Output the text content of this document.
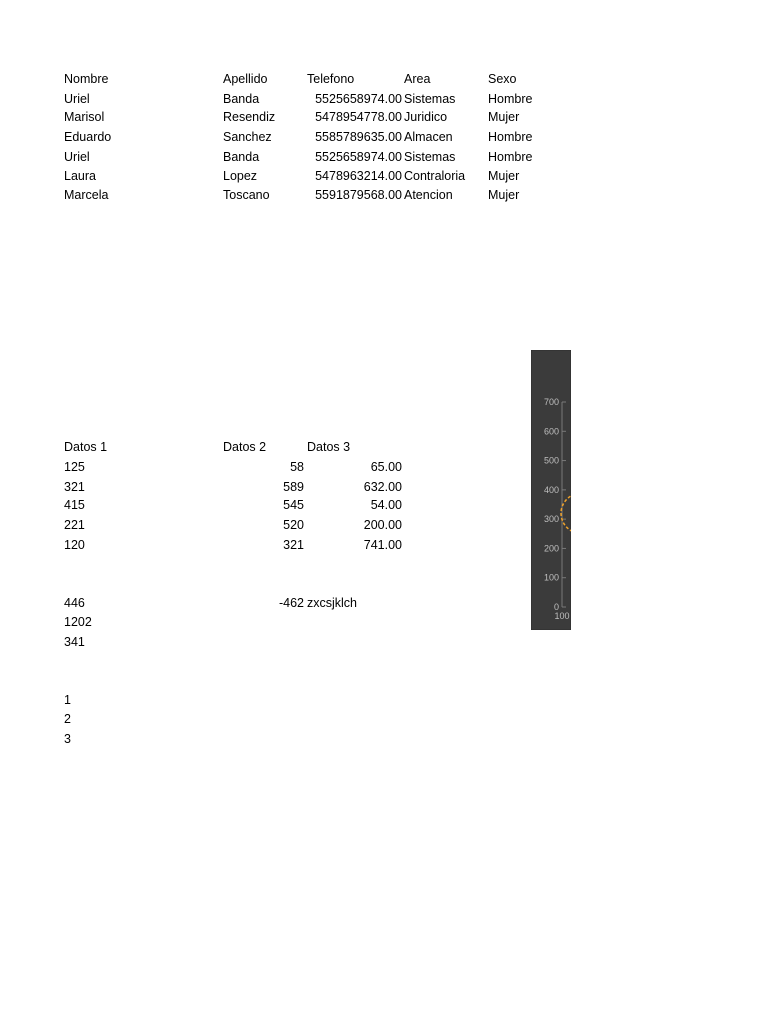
Nombre	Apellido	Telefono	Area	Sexo
Uriel	Banda	5525658974.00 Sistemas	Hombre
Marisol	Resendiz	5478954778.00 Juridico	Mujer
Eduardo	Sanchez	5585789635.00 Almacen	Hombre
Uriel	Banda	5525658974.00 Sistemas	Hombre
Laura	Lopez	5478963214.00 Contraloria Mujer
Marcela	Toscano	5591879568.00 Atencion	Mujer
Datos 1	Datos 2	Datos 3
125	58	65.00
321	589	632.00
415	545	54.00
221	520	200.00
120	321	741.00
446	-462 zxcsjklch
1202
341
1
2
3
700
600
500
400
300
200
100
0
100
